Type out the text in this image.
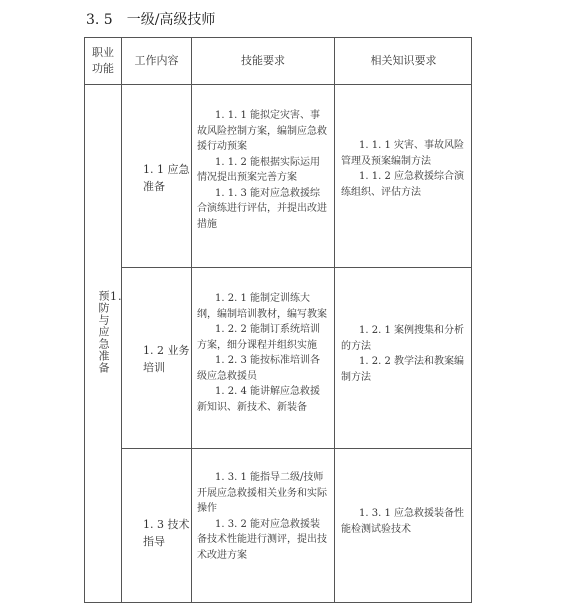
3. 5 一级/高级技师
职业
功能
工作内容	技能要求	相关知识要求
1.
预防与应急准备
1. 1 应急
准备

1. 1. 1 能拟定灾害、事故风险控制方案，编制应急救援行动预案

1. 1. 2 能根据实际运用情况提出预案完善方案

1. 1. 3 能对应急救援综合演练进行评估，并提出改进措施

1. 1. 1 灾害、事故风险管理及预案编制方法

1. 1. 2 应急救援综合演练组织、评估方法

1. 2 业务
培训

1. 2. 1 能制定训练大纲，编制培训教材，编写教案

1. 2. 2 能制订系统培训方案，细分课程并组织实施

1. 2. 3 能按标准培训各级应急救援员

1. 2. 4 能讲解应急救援新知识、新技术、新装备

1. 2. 1 案例搜集和分析的方法

1. 2. 2 教学法和教案编制方法

1. 3 技术
指导

1. 3. 1 能指导二级/技师开展应急救援相关业务和实际操作

1. 3. 2 能对应急救援装备技术性能进行测评，提出技术改进方案

1. 3. 1 应急救援装备性能检测试验技术
